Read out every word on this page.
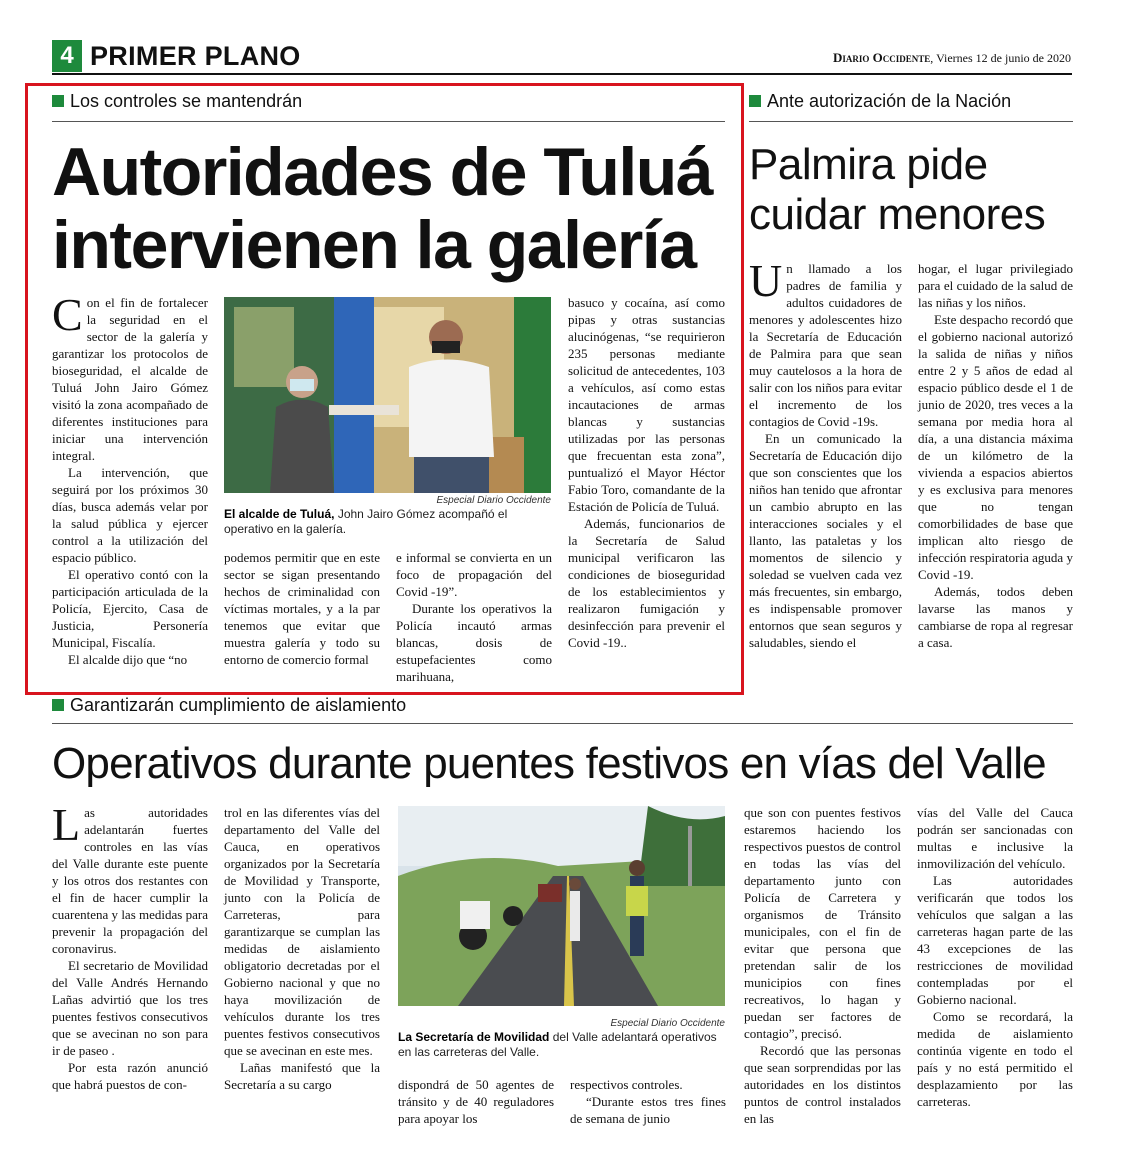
4 PRIMER PLANO	Diario Occidente, Viernes 12 de junio de 2020
Los controles se mantendrán
Autoridades de Tuluá
intervienen la galería

Con el fin de fortalecer la seguridad en el sector de la galería y garantizar los protocolos de bioseguridad, el alcalde de Tuluá John Jairo Gómez visitó la zona acompañado de diferentes instituciones para iniciar una intervención integral.

La intervención, que seguirá por los próximos 30 días, busca además velar por la salud pública y ejercer control a la utilización del espacio público.

El operativo contó con la participación articulada de la Policía, Ejercito, Casa de Justicia, Personería Municipal, Fiscalía.

El alcalde dijo que “no

Especial Diario Occidente
El alcalde de Tuluá, John Jairo Gómez acompañó el operativo en la galería.

podemos permitir que en este sector se sigan presentando hechos de criminalidad con víctimas mortales, y a la par tenemos que evitar que muestra galería y todo su entorno de comercio formal

e informal se convierta en un foco de propagación del Covid -19”.

Durante los operativos la Policía incautó armas blancas, dosis de estupefacientes como marihuana,

basuco y cocaína, así como pipas y otras sustancias alucinógenas, “se requirieron 235 personas mediante solicitud de antecedentes, 103 a vehículos, así como estas incautaciones de armas blancas y sustancias utilizadas por las personas que frecuentan esta zona”, puntualizó el Mayor Héctor Fabio Toro, comandante de la Estación de Policía de Tuluá.

Además, funcionarios de la Secretaría de Salud municipal verificaron las condiciones de bioseguridad de los establecimientos y realizaron fumigación y desinfección para prevenir el Covid -19..

Ante autorización de la Nación
Palmira pide
cuidar menores

Un llamado a los padres de familia y adultos cuidadores de menores y adolescentes hizo la Secretaría de Educación de Palmira para que sean muy cautelosos a la hora de salir con los niños para evitar el incremento de los contagios de Covid -19s.

En un comunicado la Secretaría de Educación dijo que son conscientes que los niños han tenido que afrontar un cambio abrupto en las interacciones sociales y el llanto, las pataletas y los momentos de silencio y soledad se vuelven cada vez más frecuentes, sin embargo, es indispensable promover entornos que sean seguros y saludables, siendo el

hogar, el lugar privilegiado para el cuidado de la salud de las niñas y los niños.

Este despacho recordó que el gobierno nacional autorizó la salida de niñas y niños entre 2 y 5 años de edad al espacio público desde el 1 de junio de 2020, tres veces a la semana por media hora al día, a una distancia máxima de un kilómetro de la vivienda a espacios abiertos y es exclusiva para menores que no tengan comorbilidades de base que implican alto riesgo de infección respiratoria aguda y Covid -19.

Además, todos deben lavarse las manos y cambiarse de ropa al regresar a casa.

Garantizarán cumplimiento de aislamiento
Operativos durante puentes festivos en vías del Valle

Las autoridades adelantarán fuertes controles en las vías del Valle durante este puente y los otros dos restantes con el fin de hacer cumplir la cuarentena y las medidas para prevenir la propagación del coronavirus.

El secretario de Movilidad del Valle Andrés Hernando Lañas advirtió que los tres puentes festivos consecutivos que se avecinan no son para ir de paseo .

Por esta razón anunció que habrá puestos de con-

trol en las diferentes vías del departamento del Valle del Cauca, en operativos organizados por la Secretaría de Movilidad y Transporte, junto con la Policía de Carreteras, para garantizarque se cumplan las medidas de aislamiento obligatorio decretadas por el Gobierno nacional y que no haya movilización de vehículos durante los tres puentes festivos consecutivos que se avecinan en este mes.

Lañas manifestó que la Secretaría a su cargo

Especial Diario Occidente
La Secretaría de Movilidad del Valle adelantará operativos en las carreteras del Valle.

dispondrá de 50 agentes de tránsito y de 40 reguladores para apoyar los

respectivos controles.

“Durante estos tres fines de semana de junio

que son con puentes festivos estaremos haciendo los respectivos puestos de control en todas las vías del departamento junto con Policía de Carretera y organismos de Tránsito municipales, con el fin de evitar que persona que pretendan salir de los municipios con fines recreativos, lo hagan y puedan ser factores de contagio”, precisó.

Recordó que las personas que sean sorprendidas por las autoridades en los distintos puntos de control instalados en las

vías del Valle del Cauca podrán ser sancionadas con multas e inclusive la inmovilización del vehículo.

Las autoridades verificarán que todos los vehículos que salgan a las carreteras hagan parte de las 43 excepciones de las restricciones de movilidad contempladas por el Gobierno nacional.

Como se recordará, la medida de aislamiento continúa vigente en todo el país y no está permitido el desplazamiento por las carreteras.
